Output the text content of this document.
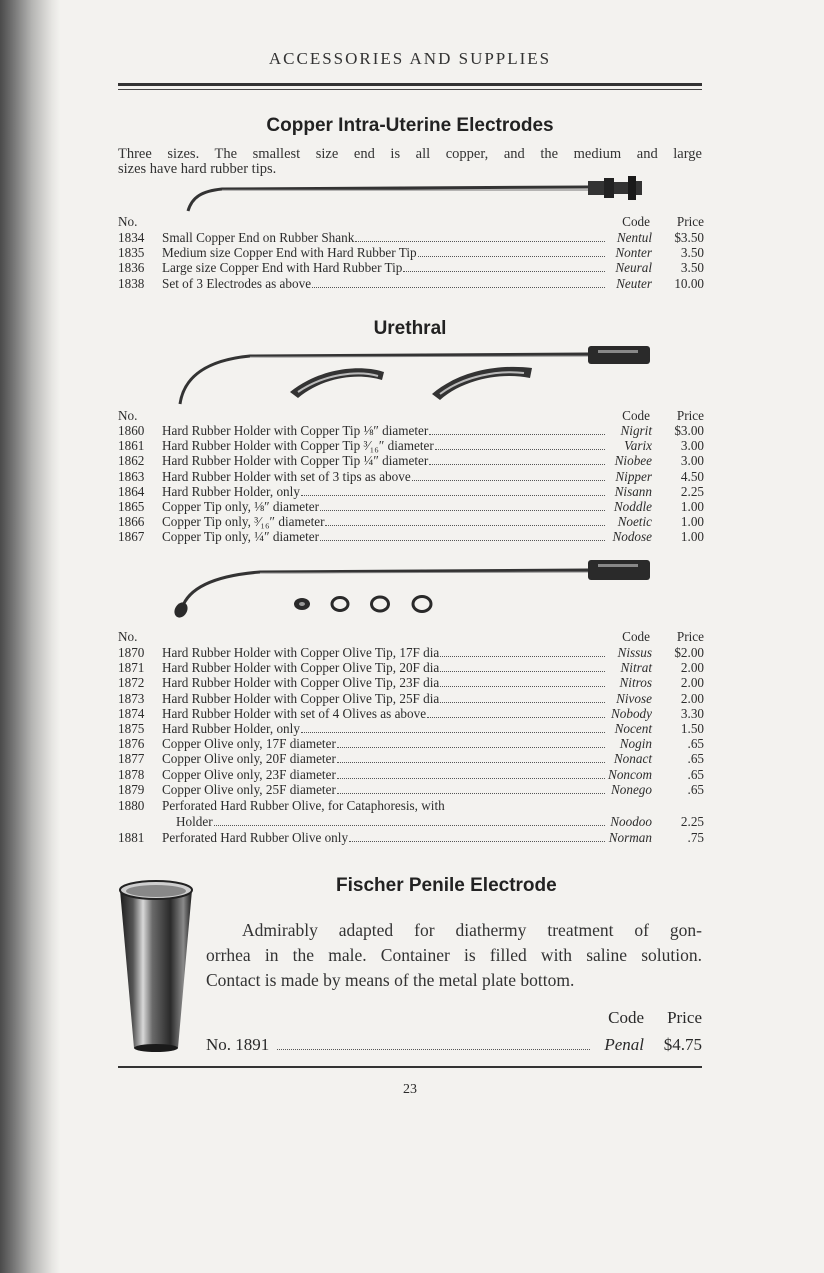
ACCESSORIES AND SUPPLIES
Copper Intra-Uterine Electrodes
Three sizes. The smallest size end is all copper, and the medium and large
sizes have hard rubber tips.
No.	Code Price
1834	Small Copper End on Rubber Shank	Nentul	$3.50
1835	Medium size Copper End with Hard Rubber Tip	Nonter	3.50
1836	Large size Copper End with Hard Rubber Tip	Neural	3.50
1838	Set of 3 Electrodes as above	Neuter	10.00
Urethral
No.	Code Price
1860	Hard Rubber Holder with Copper Tip ⅛″ diameter	Nigrit	$3.00
1861	Hard Rubber Holder with Copper Tip ³⁄₁₆″ diameter	Varix	3.00
1862	Hard Rubber Holder with Copper Tip ¼″ diameter	Niobee	3.00
1863	Hard Rubber Holder with set of 3 tips as above	Nipper	4.50
1864	Hard Rubber Holder, only	Nisann	2.25
1865	Copper Tip only, ⅛″ diameter	Noddle	1.00
1866	Copper Tip only, ³⁄₁₆″ diameter	Noetic	1.00
1867	Copper Tip only, ¼″ diameter	Nodose	1.00
No.	Code Price
1870	Hard Rubber Holder with Copper Olive Tip, 17F dia	Nissus	$2.00
1871	Hard Rubber Holder with Copper Olive Tip, 20F dia	Nitrat	2.00
1872	Hard Rubber Holder with Copper Olive Tip, 23F dia	Nitros	2.00
1873	Hard Rubber Holder with Copper Olive Tip, 25F dia	Nivose	2.00
1874	Hard Rubber Holder with set of 4 Olives as above	Nobody	3.30
1875	Hard Rubber Holder, only	Nocent	1.50
1876	Copper Olive only, 17F diameter	Nogin	.65
1877	Copper Olive only, 20F diameter	Nonact	.65
1878	Copper Olive only, 23F diameter	Noncom	.65
1879	Copper Olive only, 25F diameter	Nonego	.65
1880	Perforated Hard Rubber Olive, for Cataphoresis, with
Holder	Noodoo	2.25
1881	Perforated Hard Rubber Olive only	Norman	.75
Fischer Penile Electrode
Admirably adapted for diathermy treatment of gon-
orrhea in the male. Container is filled with saline solution.
Contact is made by means of the metal plate bottom.
Code Price
No. 1891	Penal $4.75
23
